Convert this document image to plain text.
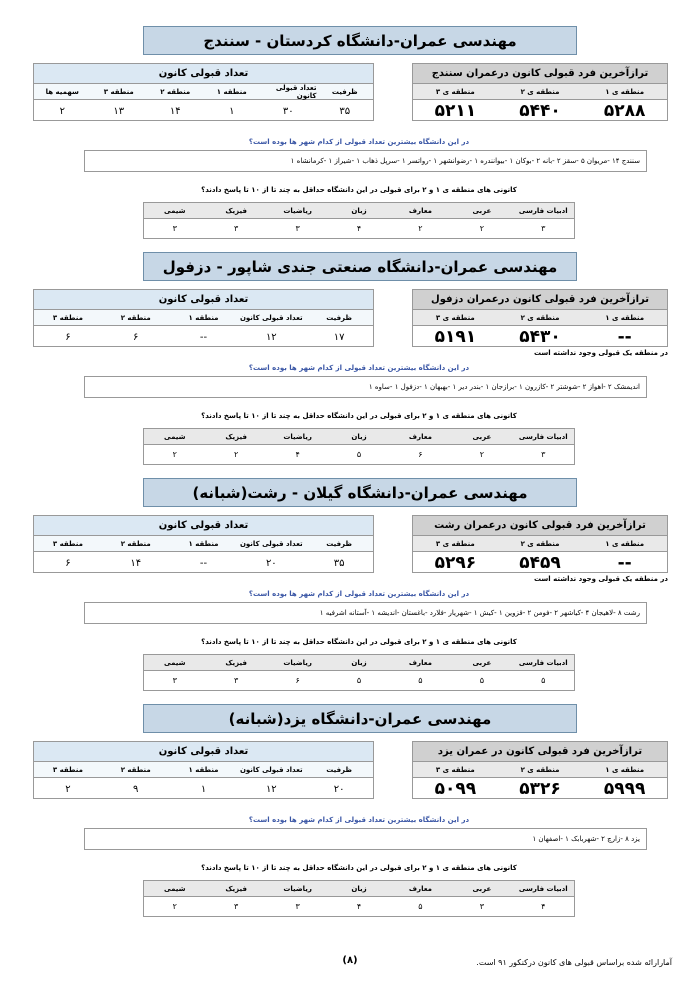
مهندسی عمران-دانشگاه کردستان - سنندج
ترازآخرین فرد قبولی کانون درعمران سنندج
منطقه ی ۱
منطقه ی ۲
منطقه ی ۳
۵۲۸۸
۵۴۴۰
۵۲۱۱
تعداد قبولی کانون
ظرفیت
تعداد قبولی کانون
منطقه ۱
منطقه ۲
منطقه ۳
سهمیه ها
۳۵
۳۰
۱
۱۴
۱۳
۲
در این دانشگاه بیشترین تعداد قبولی از کدام شهر ها بوده است؟
سنندج ۱۴ -مریوان ۵ -سقز ۲ -بانه ۲ -بوکان ۱ -بیوانندره ۱ -رضوانشهر ۱ -رواتسر ۱ -سرپل ذهاب ۱ -شیراز ۱ -کرمانشاه ۱
کانونی های منطقه ی ۱ و ۲ برای قبولی در این دانشگاه حداقل به چند تا از ۱۰ تا پاسخ دادند؟
ادبیات فارسی
عربی
معارف
زبان
ریاضیات
فیزیک
شیمی
۳
۲
۲
۴
۳
۳
۳
مهندسی عمران-دانشگاه صنعتی جندی شاپور - دزفول
ترازآخرین فرد قبولی کانون درعمران دزفول
منطقه ی ۱
منطقه ی ۲
منطقه ی ۳
--
۵۴۳۰
۵۱۹۱
در منطقه یک قبولی وجود نداشته است
تعداد قبولی کانون
ظرفیت
تعداد قبولی کانون
منطقه ۱
منطقه ۲
منطقه ۳
۱۷
۱۲
--
۶
۶
در این دانشگاه بیشترین تعداد قبولی از کدام شهر ها بوده است؟
اندیمشک ۲ -اهواز ۲ -شوشتر ۲ -کازرون ۱ -برازجان ۱ -بندر دیر ۱ -بهبهان ۱ -دزفول ۱ -ساوه ۱
کانونی های منطقه ی ۱ و ۲ برای قبولی در این دانشگاه حداقل به چند تا از ۱۰ تا پاسخ دادند؟
ادبیات فارسی
عربی
معارف
زبان
ریاضیات
فیزیک
شیمی
۳
۲
۶
۵
۴
۲
۲
مهندسی عمران-دانشگاه گیلان - رشت(شبانه)
ترازآخرین فرد قبولی کانون درعمران رشت
منطقه ی ۱
منطقه ی ۲
منطقه ی ۳
--
۵۴۵۹
۵۲۹۶
در منطقه یک قبولی وجود نداشته است
تعداد قبولی کانون
ظرفیت
تعداد قبولی کانون
منطقه ۱
منطقه ۲
منطقه ۳
۳۵
۲۰
--
۱۴
۶
در این دانشگاه بیشترین تعداد قبولی از کدام شهر ها بوده است؟
رشت ۸ -لاهیجان ۴ -کیاشهر ۲ -فومن ۲ -قزوین ۱ -کیش ۱ -شهریار -فلارد -باغستان -اندیشه ۱ -آستانه اشرفیه ۱
کانونی های منطقه ی ۱ و ۲ برای قبولی در این دانشگاه حداقل به چند تا از ۱۰ تا پاسخ دادند؟
ادبیات فارسی
عربی
معارف
زبان
ریاضیات
فیزیک
شیمی
۵
۵
۵
۵
۶
۳
۳
مهندسی عمران-دانشگاه یزد(شبانه)
ترازآخرین فرد قبولی کانون در عمران یزد
منطقه ی ۱
منطقه ی ۲
منطقه ی ۳
۵۹۹۹
۵۳۲۶
۵۰۹۹
تعداد قبولی کانون
ظرفیت
تعداد قبولی کانون
منطقه ۱
منطقه ۲
منطقه ۳
۲۰
۱۲
۱
۹
۲
در این دانشگاه بیشترین تعداد قبولی از کدام شهر ها بوده است؟
یزد ۸ -زارچ ۲ -شهربابک ۱ -اصفهان ۱
کانونی های منطقه ی ۱ و ۲ برای قبولی در این دانشگاه حداقل به چند تا از ۱۰ تا پاسخ دادند؟
ادبیات فارسی
عربی
معارف
زبان
ریاضیات
فیزیک
شیمی
۴
۳
۵
۴
۳
۳
۲
(۸)	آمارارائه شده براساس قبولی های کانون درکنکور ۹۱ است.
